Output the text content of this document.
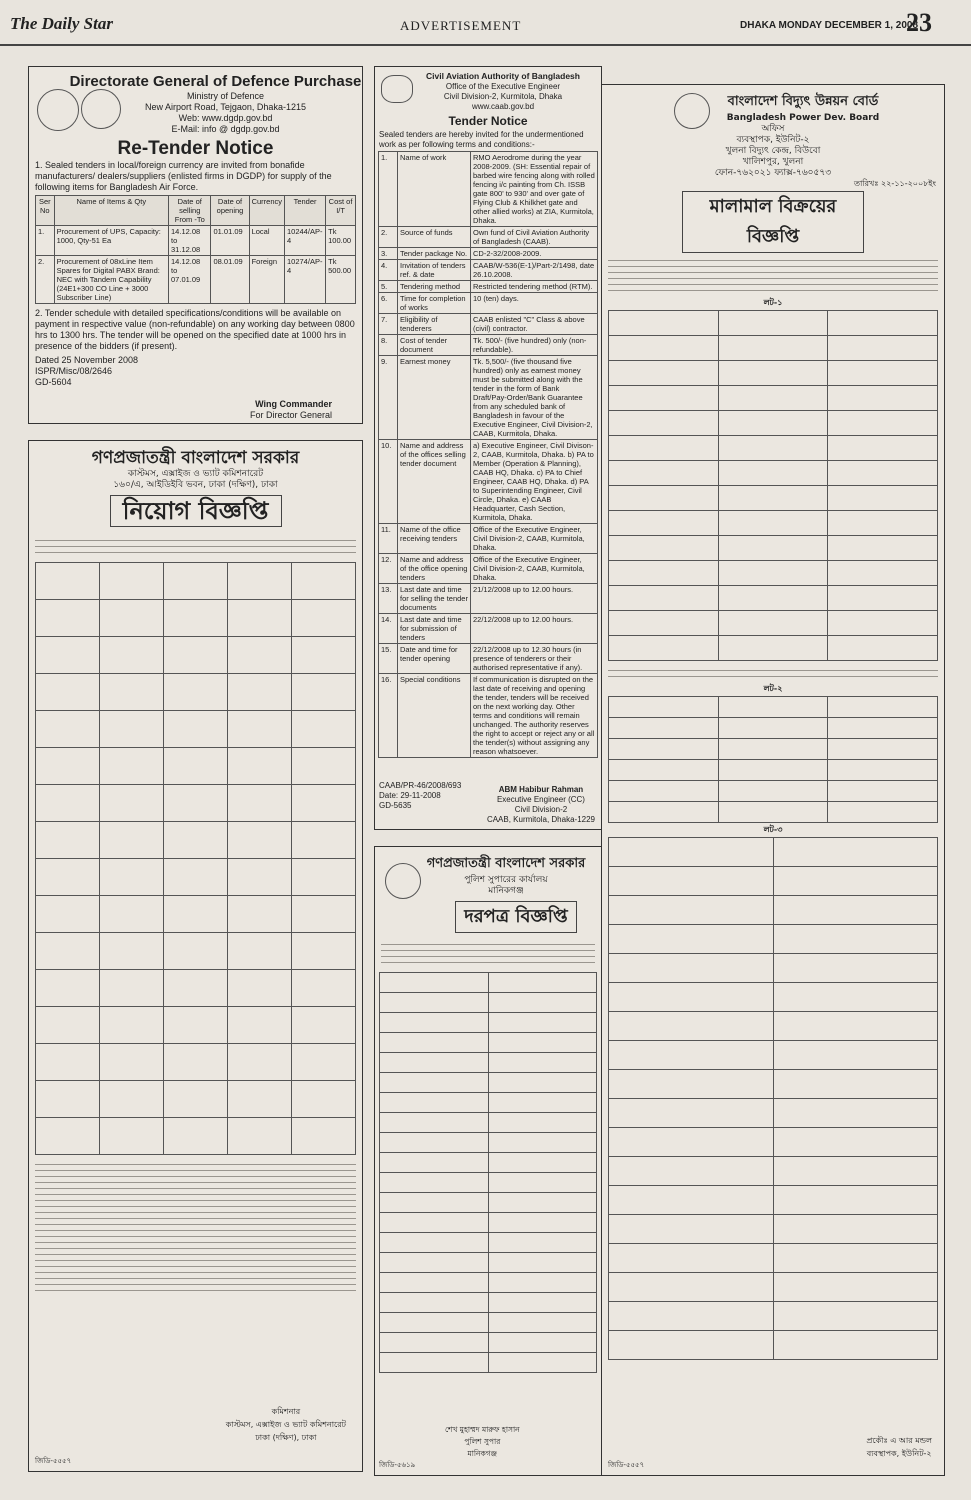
The Daily Star	ADVERTISEMENT	DHAKA MONDAY DECEMBER 1, 2008
23
Directorate General of Defence Purchase
Ministry of Defence
New Airport Road, Tejgaon, Dhaka-1215
Web: www.dgdp.gov.bd
E-Mail: info @ dgdp.gov.bd
Re-Tender Notice
1. Sealed tenders in local/foreign currency are invited from bonafide manufacturers/ dealers/suppliers (enlisted firms in DGDP) for supply of the following items for Bangladesh Air Force.
Ser No	Name of Items & Qty	Date of selling From -To	Date of opening	Currency	Tender	Cost of I/T
1.	Procurement of UPS, Capacity: 1000, Qty-51 Ea	14.12.08 to 31.12.08	01.01.09	Local	10244/AP-4	Tk 100.00
2.	Procurement of 08xLine Item Spares for Digital PABX Brand: NEC with Tandem Capability (24E1+300 CO Line + 3000 Subscriber Line)	14.12.08 to 07.01.09	08.01.09	Foreign	10274/AP-4	Tk 500.00
2. Tender schedule with detailed specifications/conditions will be available on payment in respective value (non-refundable) on any working day between 0800 hrs to 1300 hrs. The tender will be opened on the specified date at 1000 hrs in presence of the bidders (if present).
Dated 25 November 2008
ISPR/Misc/08/2646
GD-5604
Wing Commander
For Director General
গণপ্রজাতন্ত্রী বাংলাদেশ সরকার
কাস্টমস, এক্সাইজ ও ভ্যাট কমিশনারেট
১৬০/এ, আইডিইবি ভবন, ঢাকা (দক্ষিণ), ঢাকা
নিয়োগ বিজ্ঞপ্তি

জিডি-৫৫৫৭
কমিশনার
কাস্টমস, এক্সাইজ ও ভ্যাট কমিশনারেট
ঢাকা (দক্ষিণ), ঢাকা
Civil Aviation Authority of Bangladesh
Office of the Executive Engineer
Civil Division-2, Kurmitola, Dhaka
www.caab.gov.bd
Tender Notice
Sealed tenders are hereby invited for the undermentioned work as per following terms and conditions:-
1.	Name of work	RMO Aerodrome during the year 2008-2009. (SH: Essential repair of barbed wire fencing along with rolled fencing i/c painting from Ch. ISSB gate 800' to 930' and over gate of Flying Club & Khilkhet gate and other allied works) at ZIA, Kurmitola, Dhaka.
2.	Source of funds	Own fund of Civil Aviation Authority of Bangladesh (CAAB).
3.	Tender package No.	CD-2-32/2008-2009.
4.	Invitation of tenders ref. & date	CAAB/W-536(E-1)/Part-2/1498, date 26.10.2008.
5.	Tendering method	Restricted tendering method (RTM).
6.	Time for completion of works	10 (ten) days.
7.	Eligibility of tenderers	CAAB enlisted "C" Class & above (civil) contractor.
8.	Cost of tender document	Tk. 500/- (five hundred) only (non-refundable).
9.	Earnest money	Tk. 5,500/- (five thousand five hundred) only as earnest money must be submitted along with the tender in the form of Bank Draft/Pay-Order/Bank Guarantee from any scheduled bank of Bangladesh in favour of the Executive Engineer, Civil Division-2, CAAB, Kurmitola, Dhaka.
10.	Name and address of the offices selling tender document	a) Executive Engineer, Civil Divison-2, CAAB, Kurmitola, Dhaka. b) PA to Member (Operation & Planning), CAAB HQ, Dhaka. c) PA to Chief Engineer, CAAB HQ, Dhaka. d) PA to Superintending Engineer, Civil Circle, Dhaka. e) CAAB Headquarter, Cash Section, Kurmitola, Dhaka.
11.	Name of the office receiving tenders	Office of the Executive Engineer, Civil Division-2, CAAB, Kurmitola, Dhaka.
12.	Name and address of the office opening tenders	Office of the Executive Engineer, Civil Division-2, CAAB, Kurmitola, Dhaka.
13.	Last date and time for selling the tender documents	21/12/2008 up to 12.00 hours.
14.	Last date and time for submission of tenders	22/12/2008 up to 12.00 hours.
15.	Date and time for tender opening	22/12/2008 up to 12.30 hours (in presence of tenderers or their authorised representative if any).
16.	Special conditions	If communication is disrupted on the last date of receiving and opening the tender, tenders will be received on the next working day. Other terms and conditions will remain unchanged. The authority reserves the right to accept or reject any or all the tender(s) without assigning any reason whatsoever.
CAAB/PR-46/2008/693
Date: 29-11-2008
GD-5635
ABM Habibur Rahman
Executive Engineer (CC)
Civil Division-2
CAAB, Kurmitola, Dhaka-1229
গণপ্রজাতন্ত্রী বাংলাদেশ সরকার
পুলিশ সুপারের কার্যালয়
মানিকগঞ্জ
দরপত্র বিজ্ঞপ্তি

জিডি-৫৬১৯
শেখ মুহাম্মদ মারুফ হাসান
পুলিশ সুপার
মানিকগঞ্জ
বাংলাদেশ বিদ্যুৎ উন্নয়ন বোর্ড
Bangladesh Power Dev. Board
অফিস
ব্যবস্থাপক, ইউনিট-২
খুলনা বিদ্যুৎ কেন্দ্র, বিউবো
খালিশপুর, খুলনা
ফোন-৭৬২০২১ ফ্যাক্স-৭৬০৫৭৩
তারিখঃ ২২-১১-২০০৮ইং
মালামাল বিক্রয়ের বিজ্ঞপ্তি
লট-১

লট-২

লট-৩

জিডি-৫৫৫৭
প্রকৌঃ এ আর মন্ডল
ব্যবস্থাপক, ইউনিট-২
